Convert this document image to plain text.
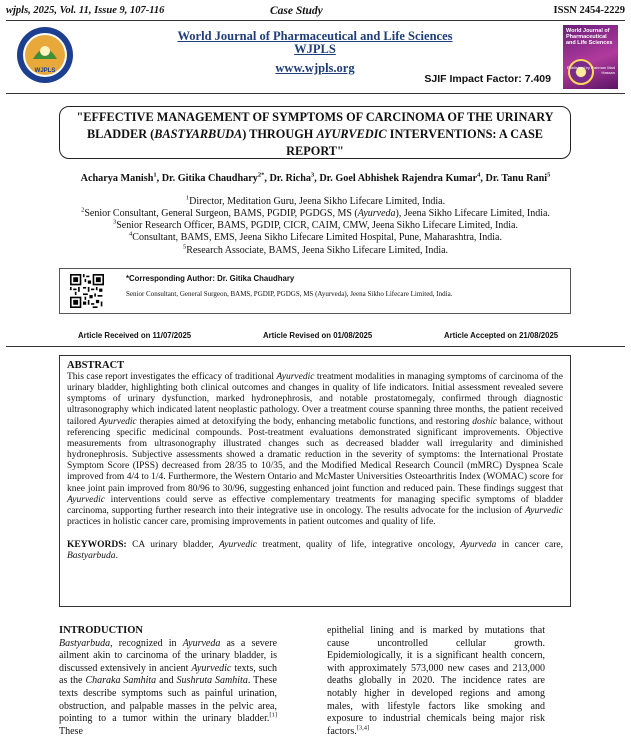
wjpls, 2025, Vol. 11, Issue 9, 107-116	Case Study	ISSN 2454-2229
WJPLS
World Journal of Pharmaceutical and Life Sciences
WJPLS
www.wjpls.org
SJIF Impact Factor: 7.409
World Journal of Pharmaceutical and Life Sciences
Published by Rahman Mad Hassan
"EFFECTIVE MANAGEMENT OF SYMPTOMS OF CARCINOMA OF THE URINARY
BLADDER (BASTYARBUDA) THROUGH AYURVEDIC INTERVENTIONS: A CASE
REPORT"
Acharya Manish$^1$, Dr. Gitika Chaudhary$^{2*}$, Dr. Richa$^3$, Dr. Goel Abhishek Rajendra Kumar$^4$, Dr. Tanu Rani$^5$
$^1$Director, Meditation Guru, Jeena Sikho Lifecare Limited, India.
$^2$Senior Consultant, General Surgeon, BAMS, PGDIP, PGDGS, MS (Ayurveda), Jeena Sikho Lifecare Limited, India.
$^3$Senior Research Officer, BAMS, PGDIP, CICR, CAIM, CMW, Jeena Sikho Lifecare Limited, India.
$^4$Consultant, BAMS, EMS, Jeena Sikho Lifecare Limited Hospital, Pune, Maharashtra, India.
$^5$Research Associate, BAMS, Jeena Sikho Lifecare Limited, India.
*Corresponding Author: Dr. Gitika Chaudhary
Senior Consultant, General Surgeon, BAMS, PGDIP, PGDGS, MS (Ayurveda), Jeena Sikho Lifecare Limited, India.
Article Received on 11/07/2025	Article Revised on 01/08/2025	Article Accepted on 21/08/2025
ABSTRACT
This case report investigates the efficacy of traditional Ayurvedic treatment modalities in managing symptoms of carcinoma of the urinary bladder, highlighting both clinical outcomes and changes in quality of life indicators. Initial assessment revealed severe symptoms of urinary dysfunction, marked hydronephrosis, and notable prostatomegaly, confirmed through diagnostic ultrasonography which indicated latent neoplastic pathology. Over a treatment course spanning three months, the patient received tailored Ayurvedic therapies aimed at detoxifying the body, enhancing metabolic functions, and restoring doshic balance, without referencing specific medicinal compounds. Post-treatment evaluations demonstrated significant improvements. Objective measurements from ultrasonography illustrated changes such as decreased bladder wall irregularity and diminished hydronephrosis. Subjective assessments showed a dramatic reduction in the severity of symptoms: the International Prostate Symptom Score (IPSS) decreased from 28/35 to 10/35, and the Modified Medical Research Council (mMRC) Dyspnea Scale improved from 4/4 to 1/4. Furthermore, the Western Ontario and McMaster Universities Osteoarthritis Index (WOMAC) score for knee joint pain improved from 80/96 to 30/96, suggesting enhanced joint function and reduced pain. These findings suggest that Ayurvedic interventions could serve as effective complementary treatments for managing specific symptoms of bladder carcinoma, supporting further research into their integrative use in oncology. The results advocate for the inclusion of Ayurvedic practices in holistic cancer care, promising improvements in patient outcomes and quality of life.
KEYWORDS: CA urinary bladder, Ayurvedic treatment, quality of life, integrative oncology, Ayurveda in cancer care, Bastyarbuda.
INTRODUCTION
Bastyarbuda, recognized in Ayurveda as a severe ailment akin to carcinoma of the urinary bladder, is discussed extensively in ancient Ayurvedic texts, such as the Charaka Samhita and Sushruta Samhita. These texts describe symptoms such as painful urination, obstruction, and palpable masses in the pelvic area, pointing to a tumor within the urinary bladder.[1] These
epithelial lining and is marked by mutations that cause uncontrolled cellular growth. Epidemiologically, it is a significant health concern, with approximately 573,000 new cases and 213,000 deaths globally in 2020. The incidence rates are notably higher in developed regions and among males, with lifestyle factors like smoking and exposure to industrial chemicals being major risk factors.[3,4]
